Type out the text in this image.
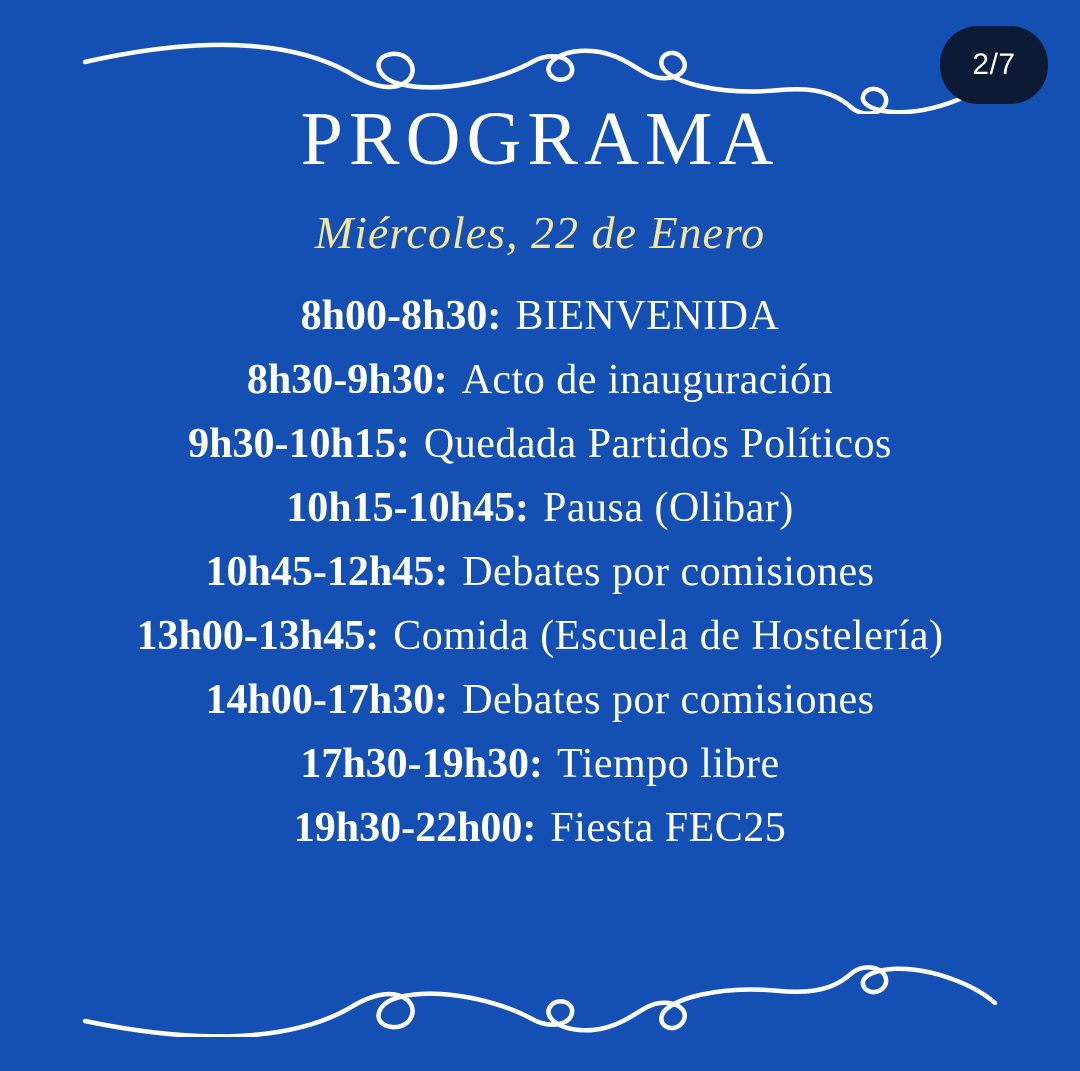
2/7
PROGRAMA
Miércoles, 22 de Enero
8h00-8h30 : BIENVENIDA
8h30-9h30 : Acto de inauguración
9h30-10h15 : Quedada Partidos Políticos
10h15-10h45 : Pausa (Olibar)
10h45-12h45 : Debates por comisiones
13h00-13h45 : Comida (Escuela de Hostelería)
14h00-17h30 : Debates por comisiones
17h30-19h30 : Tiempo libre
19h30-22h00 : Fiesta FEC25
